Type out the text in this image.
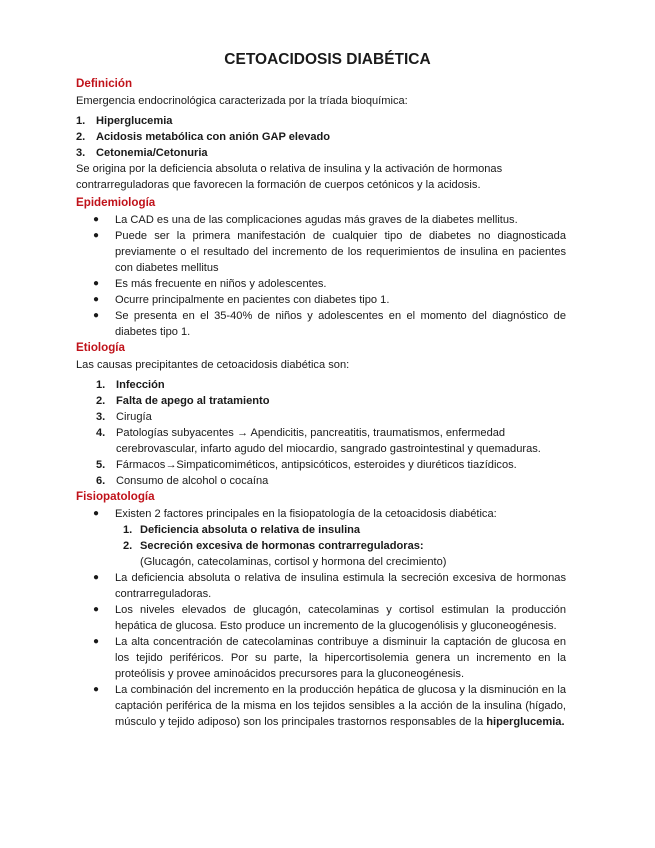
CETOACIDOSIS DIABÉTICA
Definición

Emergencia endocrinológica caracterizada por la tríada bioquímica:

1. Hiperglucemia
2. Acidosis metabólica con anión GAP elevado
3. Cetonemia/Cetonuria

Se origina por la deficiencia absoluta o relativa de insulina y la activación de hormonas contrarreguladoras que favorecen la formación de cuerpos cetónicos y la acidosis.

Epidemiología
● La CAD es una de las complicaciones agudas más graves de la diabetes mellitus.
● Puede ser la primera manifestación de cualquier tipo de diabetes no diagnosticada previamente o el resultado del incremento de los requerimientos de insulina en pacientes con diabetes mellitus
● Es más frecuente en niños y adolescentes.
● Ocurre principalmente en pacientes con diabetes tipo 1.
● Se presenta en el 35-40% de niños y adolescentes en el momento del diagnóstico de diabetes tipo 1.
Etiología

Las causas precipitantes de cetoacidosis diabética son:

1. Infección
2. Falta de apego al tratamiento
3. Cirugía
4. Patologías subyacentes → Apendicitis, pancreatitis, traumatismos, enfermedad cerebrovascular, infarto agudo del miocardio, sangrado gastrointestinal y quemaduras.
5. Fármacos→Simpaticomiméticos, antipsicóticos, esteroides y diuréticos tiazídicos.
6. Consumo de alcohol o cocaína
Fisiopatología
● Existen 2 factores principales en la fisiopatología de la cetoacidosis diabética:
1. Deficiencia absoluta o relativa de insulina
2. Secreción excesiva de hormonas contrarreguladoras:
(Glucagón, catecolaminas, cortisol y hormona del crecimiento)
● La deficiencia absoluta o relativa de insulina estimula la secreción excesiva de hormonas contrarreguladoras.
● Los niveles elevados de glucagón, catecolaminas y cortisol estimulan la producción hepática de glucosa. Esto produce un incremento de la glucogenólisis y gluconeogénesis.
● La alta concentración de catecolaminas contribuye a disminuir la captación de glucosa en los tejido periféricos. Por su parte, la hipercortisolemia genera un incremento en la proteólisis y provee aminoácidos precursores para la gluconeogénesis.
● La combinación del incremento en la producción hepática de glucosa y la disminución en la captación periférica de la misma en los tejidos sensibles a la acción de la insulina (hígado, músculo y tejido adiposo) son los principales trastornos responsables de la hiperglucemia.
